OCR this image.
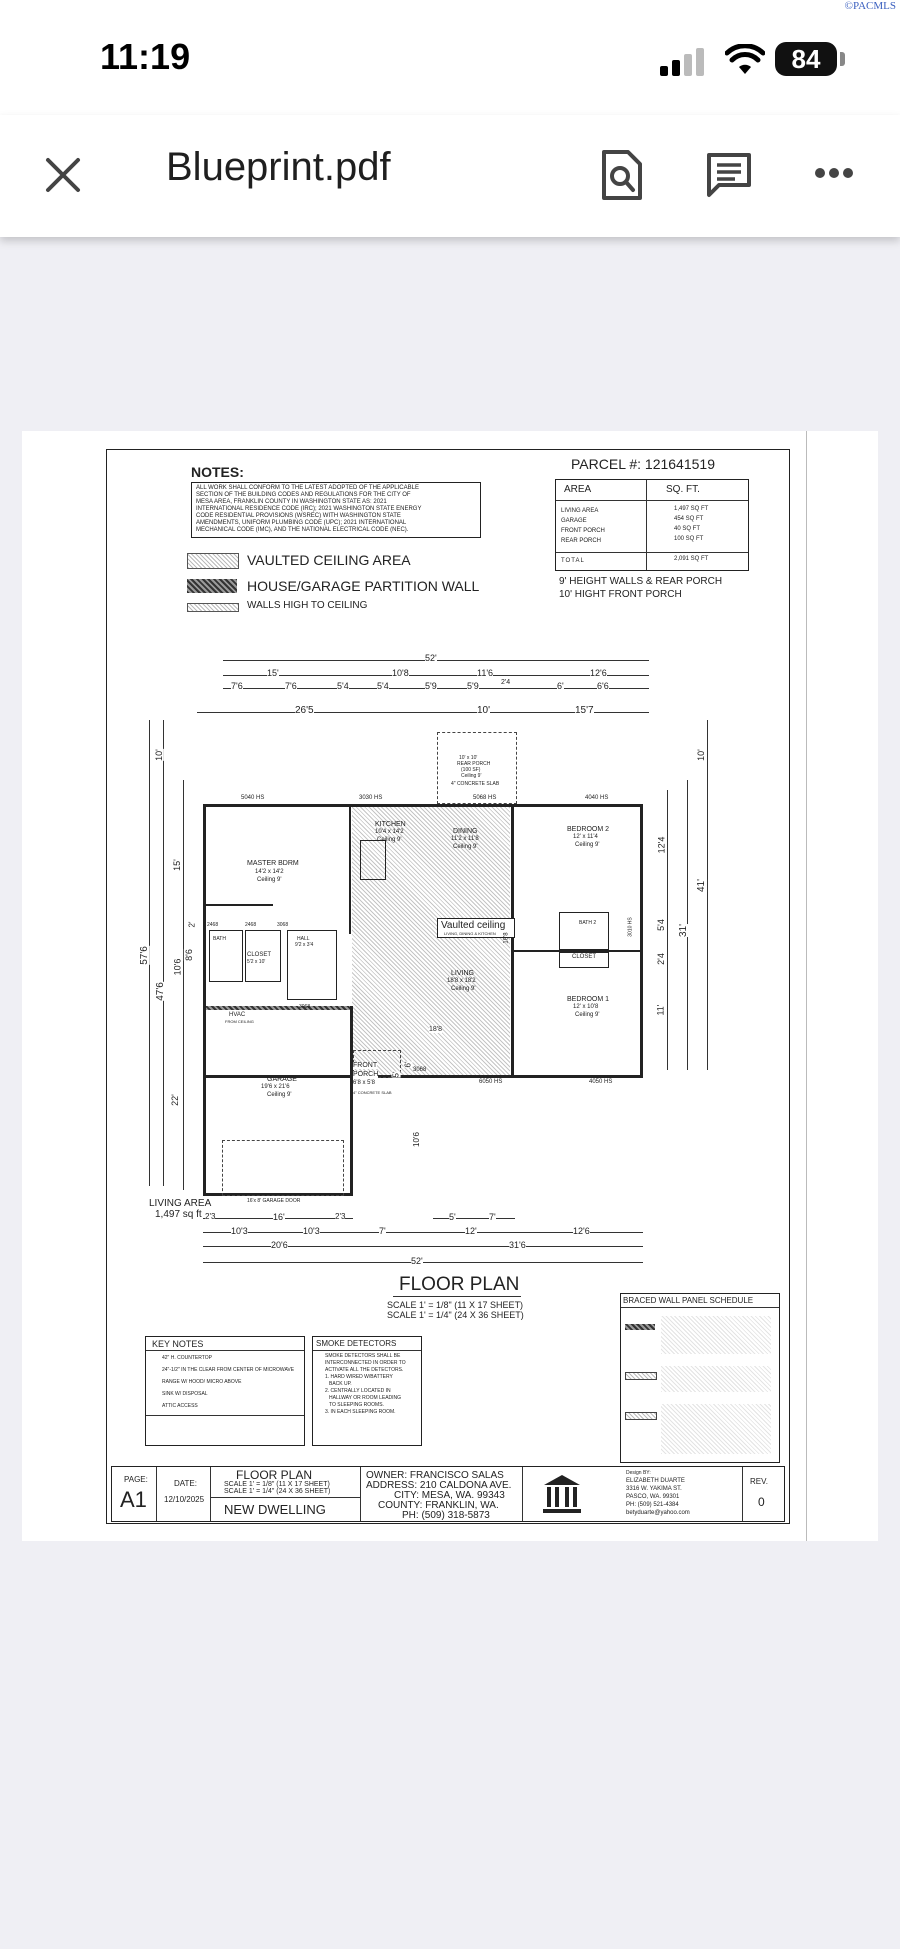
11:19	84
©PACMLS
Blueprint.pdf
NOTES:
ALL WORK SHALL CONFORM TO THE LATEST ADOPTED OF THE APPLICABLE
SECTION OF THE BUILDING CODES AND REGULATIONS FOR THE CITY OF
MESA AREA, FRANKLIN COUNTY IN WASHINGTON STATE AS: 2021
INTERNATIONAL RESIDENCE CODE (IRC); 2021 WASHINGTON STATE ENERGY
CODE RESIDENTIAL PROVISIONS (WSREC) WITH WASHINGTON STATE
AMENDMENTS, UNIFORM PLUMBING CODE (UPC); 2021 INTERNATIONAL
MECHANICAL CODE (IMC), AND THE NATIONAL ELECTRICAL CODE (NEC).
VAULTED CEILING AREA
HOUSE/GARAGE PARTITION WALL
WALLS HIGH TO CEILING
PARCEL #: 121641519
AREA	SQ. FT.
LIVING AREA	1,497 SQ FT
GARAGE	454 SQ FT
FRONT PORCH	40 SQ FT
REAR PORCH	100 SQ FT
TOTAL	2,091 SQ FT
9' HEIGHT WALLS & REAR PORCH
10' HIGHT FRONT PORCH
52'
15'	10'8	11'6	12'6
7'6	7'6	5'4	5'4	5'9	5'9	2'4	6'	6'6
26'5	10'	15'7
10'
57'6
47'6
15'
10'6
8'6
2'
22'
10'
41'
12'4
31'
5'4
2'4
11'
MASTER BDRM
14'2 x 14'2
Ceiling 9'
KITCHEN
10'4 x 14'2
Ceiling 9'
DINING
11'2 x 11'8
Ceiling 9'
BEDROOM 2
12' x 11'4
Ceiling 9'
BEDROOM 1
12' x 10'8
Ceiling 9'
LIVING
18'8 x 18'2
Ceiling 9'
GARAGE
19'6 x 21'6
Ceiling 9'
FRONT
PORCH
6'8 x 5'8
10' x 10'
REAR PORCH
(100 SF)
Ceiling 9'
4" CONCRETE SLAB
CLOSET
5'2 x 10'
CLOSET
BATH
BATH 2
HVAC
FROM CEILING
HALL
9'2 x 3'4
Vaulted ceiling
LIVING, DINING & KITCHEN
5040 HS	3030 HS	5068 HS	4040 HS
6050 HS	4050 HS
3068
2468	2468
3068
3068	3010 HS
4" CONCRETE SLAB
16'x 8' GARAGE DOOR
18'8
10'6
5'
6'
18'8
2'3	16'	2'3	5'	7'
10'3	10'3	7'	12'	12'6
20'6	31'6
52'
LIVING AREA
1,497 sq ft
FLOOR PLAN
SCALE 1' = 1/8" (11 X 17 SHEET)
SCALE 1' = 1/4" (24 X 36 SHEET)
BRACED WALL PANEL SCHEDULE
KEY NOTES
42" H. COUNTERTOP
24"-1/2" IN THE CLEAR FROM CENTER OF MICROWAVE
RANGE W/ HOOD/ MICRO ABOVE
SINK W/ DISPOSAL
ATTIC ACCESS
SMOKE DETECTORS
SMOKE DETECTORS SHALL BE
INTERCONNECTED IN ORDER TO
ACTIVATE ALL THE DETECTORS.
1. HARD WIRED W/BATTERY
BACK UP.
2. CENTRALLY LOCATED IN
HALLWAY OR ROOM LEADING
TO SLEEPING ROOMS.
3. IN EACH SLEEPING ROOM.
PAGE:
A1
DATE:
12/10/2025
FLOOR PLAN
SCALE 1' = 1/8" (11 X 17 SHEET)
SCALE 1' = 1/4" (24 X 36 SHEET)
NEW DWELLING
OWNER: FRANCISCO SALAS
ADDRESS: 210 CALDONA AVE.
CITY: MESA, WA. 99343
COUNTY: FRANKLIN, WA.
PH: (509) 318-5873
Design BY:
ELIZABETH DUARTE
3316 W. YAKIMA ST.
PASCO, WA. 99301
PH: (509) 521-4384
betyduarte@yahoo.com
REV.
0
